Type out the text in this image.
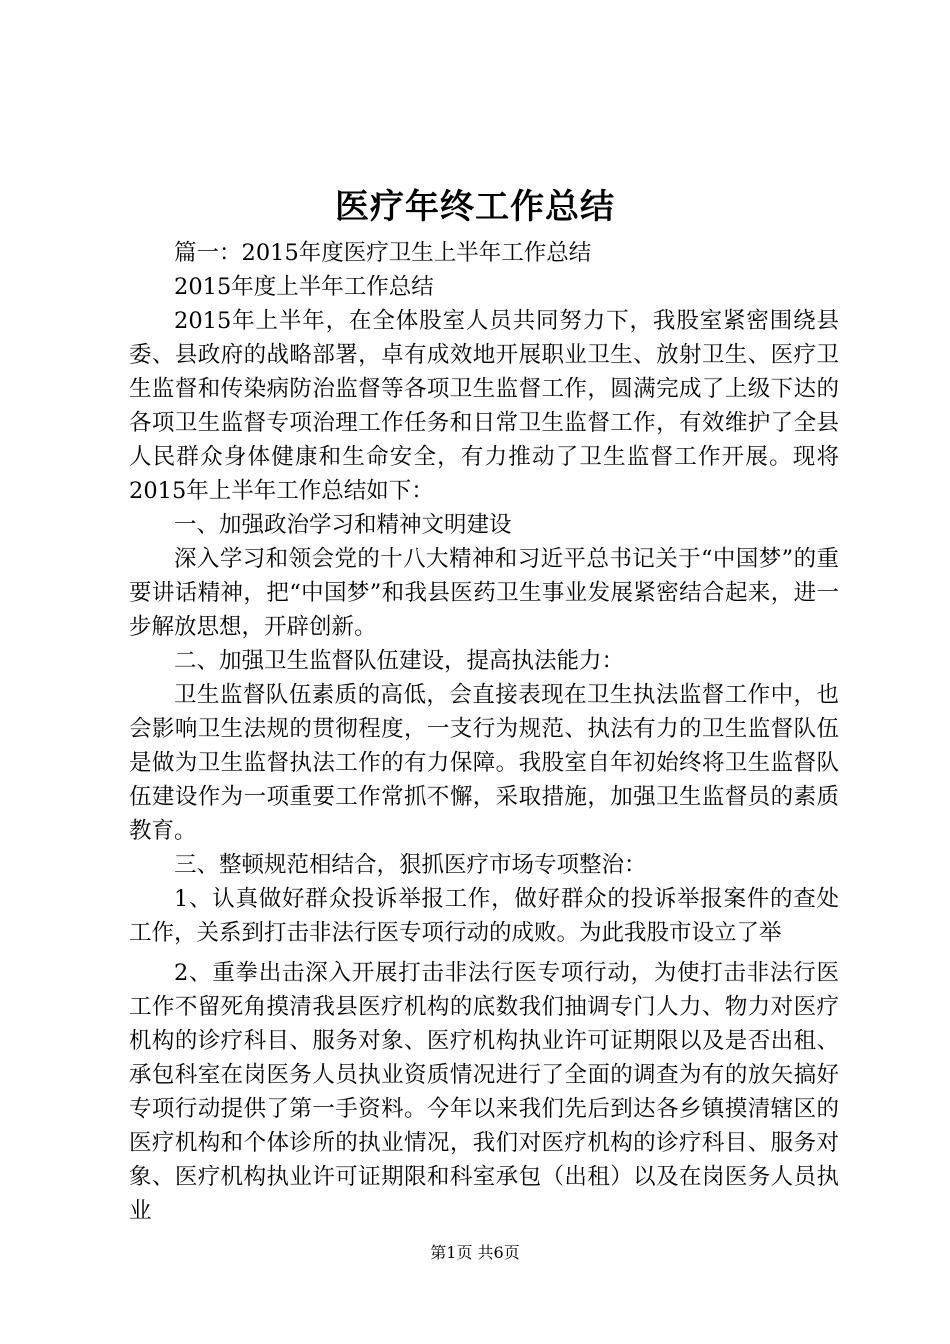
医疗年终工作总结

篇一：2015年度医疗卫生上半年工作总结

2015年度上半年工作总结

2015年上半年，在全体股室人员共同努力下，我股室紧密围绕县委、县政府的战略部署，卓有成效地开展职业卫生、放射卫生、医疗卫生监督和传染病防治监督等各项卫生监督工作，圆满完成了上级下达的各项卫生监督专项治理工作任务和日常卫生监督工作，有效维护了全县人民群众身体健康和生命安全，有力推动了卫生监督工作开展。现将2015年上半年工作总结如下：

一、加强政治学习和精神文明建设

深入学习和领会党的十八大精神和习近平总书记关于“中国梦”的重要讲话精神，把“中国梦”和我县医药卫生事业发展紧密结合起来，进一步解放思想，开辟创新。

二、加强卫生监督队伍建设，提高执法能力：

卫生监督队伍素质的高低，会直接表现在卫生执法监督工作中，也会影响卫生法规的贯彻程度，一支行为规范、执法有力的卫生监督队伍是做为卫生监督执法工作的有力保障。我股室自年初始终将卫生监督队伍建设作为一项重要工作常抓不懈，采取措施，加强卫生监督员的素质教育。

三、整顿规范相结合，狠抓医疗市场专项整治：

1、认真做好群众投诉举报工作，做好群众的投诉举报案件的查处工作，关系到打击非法行医专项行动的成败。为此我股市设立了举

2、重拳出击深入开展打击非法行医专项行动，为使打击非法行医工作不留死角摸清我县医疗机构的底数我们抽调专门人力、物力对医疗机构的诊疗科目、服务对象、医疗机构执业许可证期限以及是否出租、承包科室在岗医务人员执业资质情况进行了全面的调查为有的放矢搞好专项行动提供了第一手资料。今年以来我们先后到达各乡镇摸清辖区的医疗机构和个体诊所的执业情况，我们对医疗机构的诊疗科目、服务对象、医疗机构执业许可证期限和科室承包（出租）以及在岗医务人员执业

第1页 共6页
